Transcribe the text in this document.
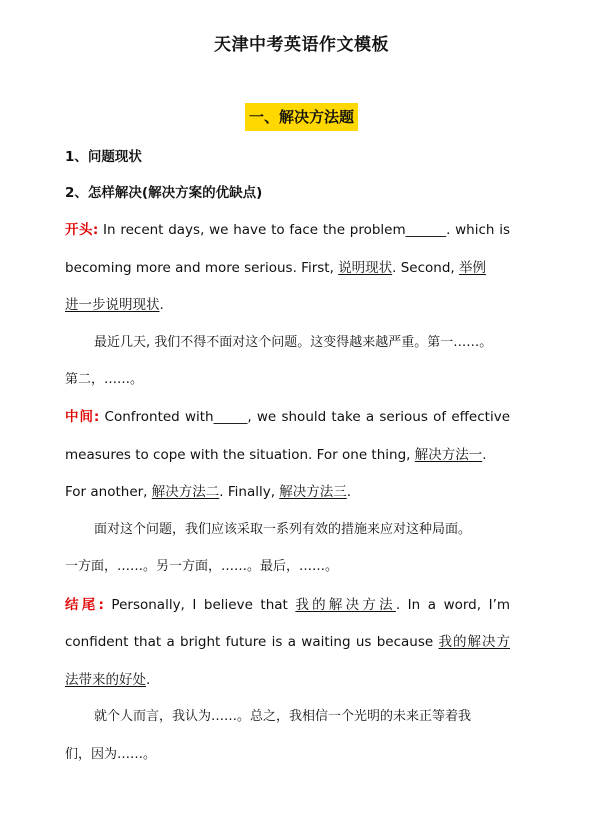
天津中考英语作文模板
一、解决方法题
1、问题现状
2、怎样解决(解决方案的优缺点)
开头: In recent days, we have to face the problem______. which is
becoming more and more serious. First, 说明现状. Second, 举例
进一步说明现状.
最近几天, 我们不得不面对这个问题。这变得越来越严重。第一……。
第二，……。
中间: Confronted with_____, we should take a serious of effective
measures to cope with the situation. For one thing, 解决方法一.
For another, 解决方法二. Finally, 解决方法三.
面对这个问题，我们应该采取一系列有效的措施来应对这种局面。
一方面，……。另一方面，……。最后，……。
结尾: Personally, I believe that 我的解决方法. In a word, I’m
confident that a bright future is a waiting us because 我的解决方
法带来的好处.
就个人而言，我认为……。总之，我相信一个光明的未来正等着我
们，因为……。
